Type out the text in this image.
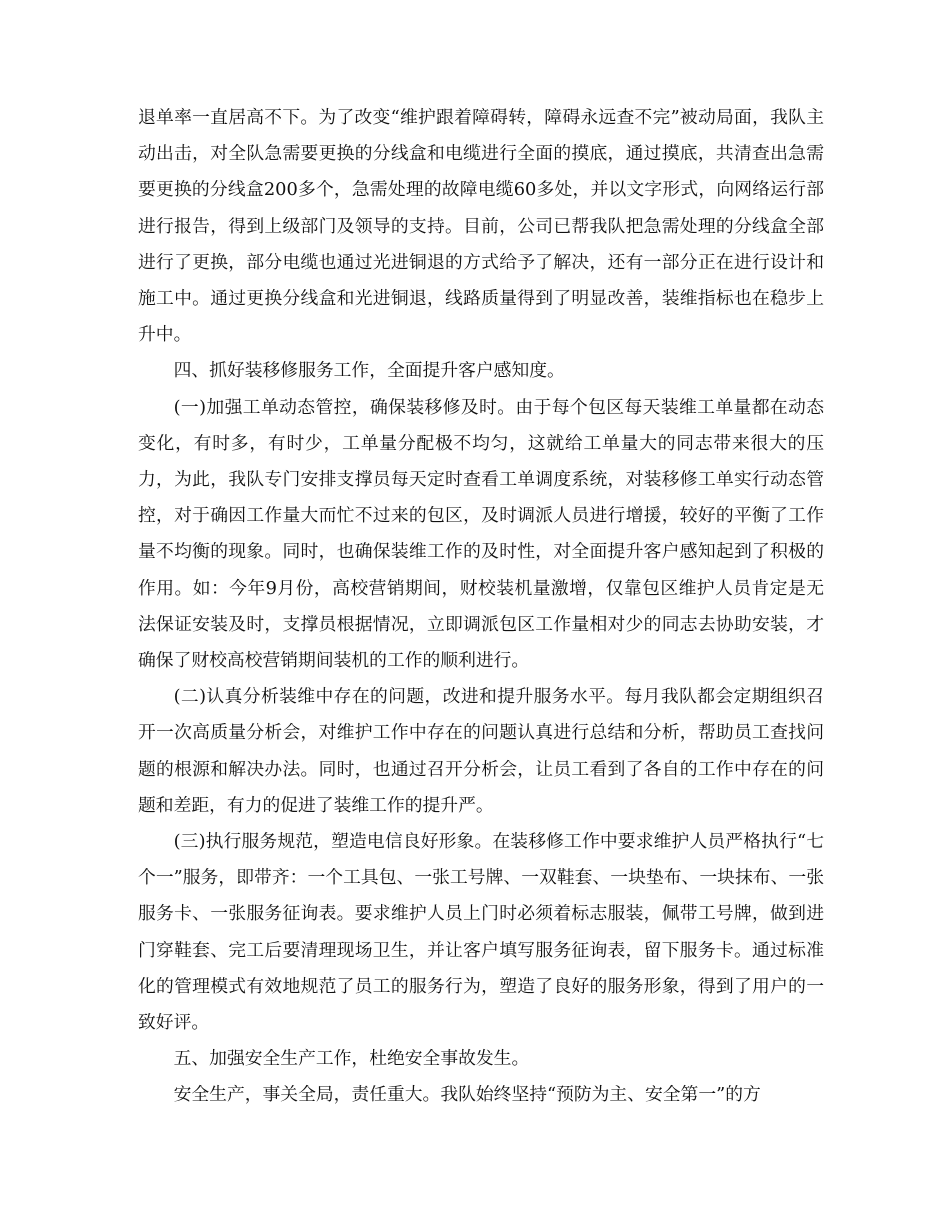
退单率一直居高不下。为了改变“维护跟着障碍转，障碍永远查不完”被动局面，我队主动出击，对全队急需要更换的分线盒和电缆进行全面的摸底，通过摸底，共清查出急需要更换的分线盒200多个，急需处理的故障电缆60多处，并以文字形式，向网络运行部进行报告，得到上级部门及领导的支持。目前，公司已帮我队把急需处理的分线盒全部进行了更换，部分电缆也通过光进铜退的方式给予了解决，还有一部分正在进行设计和施工中。通过更换分线盒和光进铜退，线路质量得到了明显改善，装维指标也在稳步上升中。

四、抓好装移修服务工作，全面提升客户感知度。

(一)加强工单动态管控，确保装移修及时。由于每个包区每天装维工单量都在动态变化，有时多，有时少，工单量分配极不均匀，这就给工单量大的同志带来很大的压力，为此，我队专门安排支撑员每天定时查看工单调度系统，对装移修工单实行动态管控，对于确因工作量大而忙不过来的包区，及时调派人员进行增援，较好的平衡了工作量不均衡的现象。同时，也确保装维工作的及时性，对全面提升客户感知起到了积极的作用。如：今年9月份，高校营销期间，财校装机量激增，仅靠包区维护人员肯定是无法保证安装及时，支撑员根据情况，立即调派包区工作量相对少的同志去协助安装，才确保了财校高校营销期间装机的工作的顺利进行。

(二)认真分析装维中存在的问题，改进和提升服务水平。每月我队都会定期组织召开一次高质量分析会，对维护工作中存在的问题认真进行总结和分析，帮助员工查找问题的根源和解决办法。同时，也通过召开分析会，让员工看到了各自的工作中存在的问题和差距，有力的促进了装维工作的提升严。

(三)执行服务规范，塑造电信良好形象。在装移修工作中要求维护人员严格执行“七个一”服务，即带齐：一个工具包、一张工号牌、一双鞋套、一块垫布、一块抹布、一张服务卡、一张服务征询表。要求维护人员上门时必须着标志服装，佩带工号牌，做到进门穿鞋套、完工后要清理现场卫生，并让客户填写服务征询表，留下服务卡。通过标准化的管理模式有效地规范了员工的服务行为，塑造了良好的服务形象，得到了用户的一致好评。

五、加强安全生产工作，杜绝安全事故发生。

安全生产，事关全局，责任重大。我队始终坚持“预防为主、安全第一”的方
